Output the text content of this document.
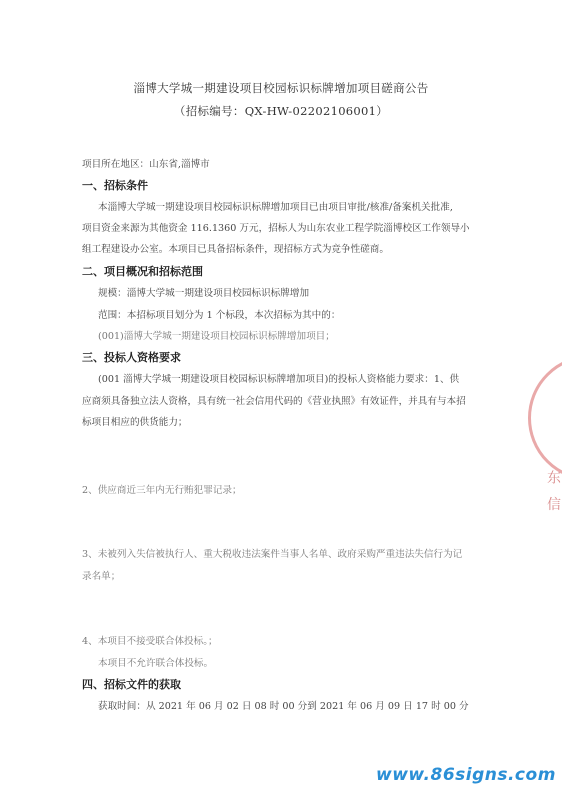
淄博大学城一期建设项目校园标识标牌增加项目磋商公告
（招标编号：QX-HW-02202106001）
项目所在地区：山东省,淄博市
一、招标条件
本淄博大学城一期建设项目校园标识标牌增加项目已由项目审批/核准/备案机关批准,
项目资金来源为其他资金 116.1360 万元，招标人为山东农业工程学院淄博校区工作领导小
组工程建设办公室。本项目已具备招标条件，现招标方式为竞争性磋商。
二、项目概况和招标范围
规模：淄博大学城一期建设项目校园标识标牌增加
范围：本招标项目划分为 1 个标段，本次招标为其中的：
(001)淄博大学城一期建设项目校园标识标牌增加项目；
三、投标人资格要求
(001 淄博大学城一期建设项目校园标识标牌增加项目)的投标人资格能力要求：1、供
应商须具备独立法人资格，具有统一社会信用代码的《营业执照》有效证件，并具有与本招
标项目相应的供货能力；
2、供应商近三年内无行贿犯罪记录；
3、未被列入失信被执行人、重大税收违法案件当事人名单、政府采购严重违法失信行为记
录名单；
4、本项目不接受联合体投标。；
本项目不允许联合体投标。
四、招标文件的获取
获取时间：从 2021 年 06 月 02 日 08 时 00 分到 2021 年 06 月 09 日 17 时 00 分
东 信
www.86signs.com
